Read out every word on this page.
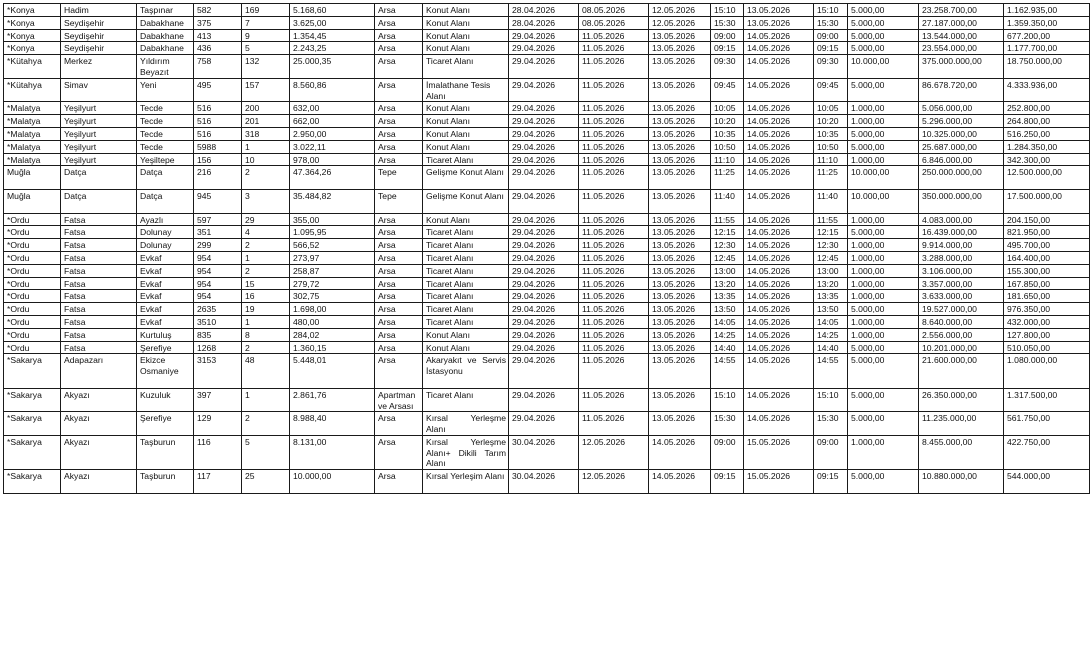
*Konya	Hadim	Taşpınar	582	169	5.168,60	Arsa	Konut Alanı	28.04.2026	08.05.2026	12.05.2026	15:10	13.05.2026	15:10	5.000,00	23.258.700,00	1.162.935,00
*Konya	Seydişehir	Dabakhane	375	7	3.625,00	Arsa	Konut Alanı	28.04.2026	08.05.2026	12.05.2026	15:30	13.05.2026	15:30	5.000,00	27.187.000,00	1.359.350,00
*Konya	Seydişehir	Dabakhane	413	9	1.354,45	Arsa	Konut Alanı	29.04.2026	11.05.2026	13.05.2026	09:00	14.05.2026	09:00	5.000,00	13.544.000,00	677.200,00
*Konya	Seydişehir	Dabakhane	436	5	2.243,25	Arsa	Konut Alanı	29.04.2026	11.05.2026	13.05.2026	09:15	14.05.2026	09:15	5.000,00	23.554.000,00	1.177.700,00
*Kütahya	Merkez	Yıldırım Beyazıt	758	132	25.000,35	Arsa	Ticaret Alanı	29.04.2026	11.05.2026	13.05.2026	09:30	14.05.2026	09:30	10.000,00	375.000.000,00	18.750.000,00
*Kütahya	Simav	Yeni	495	157	8.560,86	Arsa	İmalathane Tesis Alanı	29.04.2026	11.05.2026	13.05.2026	09:45	14.05.2026	09:45	5.000,00	86.678.720,00	4.333.936,00
*Malatya	Yeşilyurt	Tecde	516	200	632,00	Arsa	Konut Alanı	29.04.2026	11.05.2026	13.05.2026	10:05	14.05.2026	10:05	1.000,00	5.056.000,00	252.800,00
*Malatya	Yeşilyurt	Tecde	516	201	662,00	Arsa	Konut Alanı	29.04.2026	11.05.2026	13.05.2026	10:20	14.05.2026	10:20	1.000,00	5.296.000,00	264.800,00
*Malatya	Yeşilyurt	Tecde	516	318	2.950,00	Arsa	Konut Alanı	29.04.2026	11.05.2026	13.05.2026	10:35	14.05.2026	10:35	5.000,00	10.325.000,00	516.250,00
*Malatya	Yeşilyurt	Tecde	5988	1	3.022,11	Arsa	Konut Alanı	29.04.2026	11.05.2026	13.05.2026	10:50	14.05.2026	10:50	5.000,00	25.687.000,00	1.284.350,00
*Malatya	Yeşilyurt	Yeşiltepe	156	10	978,00	Arsa	Ticaret Alanı	29.04.2026	11.05.2026	13.05.2026	11:10	14.05.2026	11:10	1.000,00	6.846.000,00	342.300,00
Muğla	Datça	Datça	216	2	47.364,26	Tepe	Gelişme Konut Alanı	29.04.2026	11.05.2026	13.05.2026	11:25	14.05.2026	11:25	10.000,00	250.000.000,00	12.500.000,00
Muğla	Datça	Datça	945	3	35.484,82	Tepe	Gelişme Konut Alanı	29.04.2026	11.05.2026	13.05.2026	11:40	14.05.2026	11:40	10.000,00	350.000.000,00	17.500.000,00
*Ordu	Fatsa	Ayazlı	597	29	355,00	Arsa	Konut Alanı	29.04.2026	11.05.2026	13.05.2026	11:55	14.05.2026	11:55	1.000,00	4.083.000,00	204.150,00
*Ordu	Fatsa	Dolunay	351	4	1.095,95	Arsa	Ticaret Alanı	29.04.2026	11.05.2026	13.05.2026	12:15	14.05.2026	12:15	5.000,00	16.439.000,00	821.950,00
*Ordu	Fatsa	Dolunay	299	2	566,52	Arsa	Ticaret Alanı	29.04.2026	11.05.2026	13.05.2026	12:30	14.05.2026	12:30	1.000,00	9.914.000,00	495.700,00
*Ordu	Fatsa	Evkaf	954	1	273,97	Arsa	Ticaret Alanı	29.04.2026	11.05.2026	13.05.2026	12:45	14.05.2026	12:45	1.000,00	3.288.000,00	164.400,00
*Ordu	Fatsa	Evkaf	954	2	258,87	Arsa	Ticaret Alanı	29.04.2026	11.05.2026	13.05.2026	13:00	14.05.2026	13:00	1.000,00	3.106.000,00	155.300,00
*Ordu	Fatsa	Evkaf	954	15	279,72	Arsa	Ticaret Alanı	29.04.2026	11.05.2026	13.05.2026	13:20	14.05.2026	13:20	1.000,00	3.357.000,00	167.850,00
*Ordu	Fatsa	Evkaf	954	16	302,75	Arsa	Ticaret Alanı	29.04.2026	11.05.2026	13.05.2026	13:35	14.05.2026	13:35	1.000,00	3.633.000,00	181.650,00
*Ordu	Fatsa	Evkaf	2635	19	1.698,00	Arsa	Ticaret Alanı	29.04.2026	11.05.2026	13.05.2026	13:50	14.05.2026	13:50	5.000,00	19.527.000,00	976.350,00
*Ordu	Fatsa	Evkaf	3510	1	480,00	Arsa	Ticaret Alanı	29.04.2026	11.05.2026	13.05.2026	14:05	14.05.2026	14:05	1.000,00	8.640.000,00	432.000,00
*Ordu	Fatsa	Kurtuluş	835	8	284,02	Arsa	Konut Alanı	29.04.2026	11.05.2026	13.05.2026	14:25	14.05.2026	14:25	1.000,00	2.556.000,00	127.800,00
*Ordu	Fatsa	Şerefiye	1268	2	1.360,15	Arsa	Konut Alanı	29.04.2026	11.05.2026	13.05.2026	14:40	14.05.2026	14:40	5.000,00	10.201.000,00	510.050,00
*Sakarya	Adapazarı	Ekizce Osmaniye	3153	48	5.448,01	Arsa	Akaryakıt ve Servis İstasyonu	29.04.2026	11.05.2026	13.05.2026	14:55	14.05.2026	14:55	5.000,00	21.600.000,00	1.080.000,00
*Sakarya	Akyazı	Kuzuluk	397	1	2.861,76	Apartman ve Arsası	Ticaret Alanı	29.04.2026	11.05.2026	13.05.2026	15:10	14.05.2026	15:10	5.000,00	26.350.000,00	1.317.500,00
*Sakarya	Akyazı	Şerefiye	129	2	8.988,40	Arsa	Kırsal Yerleşme Alanı	29.04.2026	11.05.2026	13.05.2026	15:30	14.05.2026	15:30	5.000,00	11.235.000,00	561.750,00
*Sakarya	Akyazı	Taşburun	116	5	8.131,00	Arsa	Kırsal Yerleşme Alanı+ Dikili Tarım Alanı	30.04.2026	12.05.2026	14.05.2026	09:00	15.05.2026	09:00	1.000,00	8.455.000,00	422.750,00
*Sakarya	Akyazı	Taşburun	117	25	10.000,00	Arsa	Kırsal Yerleşim Alanı	30.04.2026	12.05.2026	14.05.2026	09:15	15.05.2026	09:15	5.000,00	10.880.000,00	544.000,00
